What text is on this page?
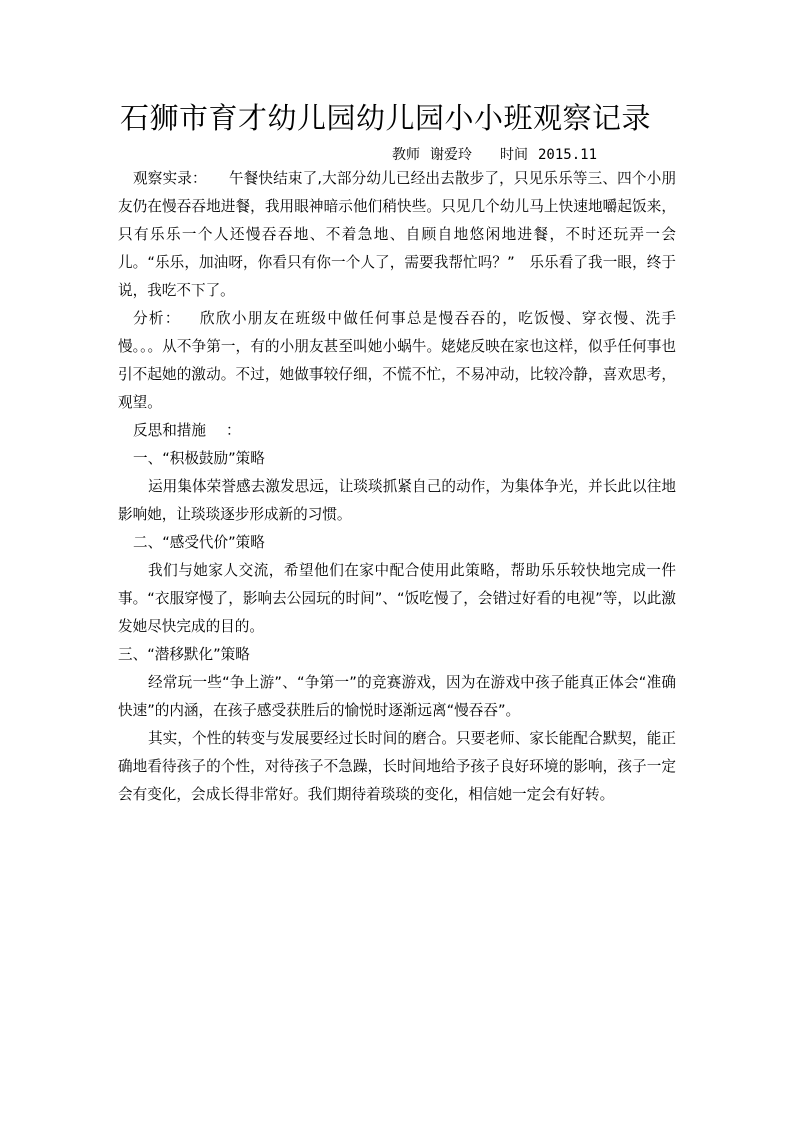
石狮市育才幼儿园幼儿园小小班观察记录
教师 谢爱玲 时间 2015.11

观察实录： 午餐快结束了,大部分幼儿已经出去散步了，只见乐乐等三、四个小朋友仍在慢吞吞地进餐，我用眼神暗示他们稍快些。只见几个幼儿马上快速地嚼起饭来，只有乐乐一个人还慢吞吞地、不着急地、自顾自地悠闲地进餐，不时还玩弄一会儿。“乐乐，加油呀，你看只有你一个人了，需要我帮忙吗？”　乐乐看了我一眼，终于说，我吃不下了。

分析： 欣欣小朋友在班级中做任何事总是慢吞吞的，吃饭慢、穿衣慢、洗手慢。。。从不争第一，有的小朋友甚至叫她小蜗牛。姥姥反映在家也这样，似乎任何事也引不起她的激动。不过，她做事较仔细，不慌不忙，不易冲动，比较冷静，喜欢思考，观望。

反思和措施 ：

一、“积极鼓励”策略

运用集体荣誉感去激发思远，让琰琰抓紧自己的动作，为集体争光，并长此以往地影响她，让琰琰逐步形成新的习惯。

二、“感受代价”策略

我们与她家人交流，希望他们在家中配合使用此策略，帮助乐乐较快地完成一件事。“衣服穿慢了，影响去公园玩的时间”、“饭吃慢了，会错过好看的电视”等，以此激发她尽快完成的目的。

三、“潜移默化”策略

经常玩一些“争上游”、“争第一”的竞赛游戏，因为在游戏中孩子能真正体会“准确快速”的内涵，在孩子感受获胜后的愉悦时逐渐远离“慢吞吞”。

其实，个性的转变与发展要经过长时间的磨合。只要老师、家长能配合默契，能正确地看待孩子的个性，对待孩子不急躁，长时间地给予孩子良好环境的影响，孩子一定会有变化，会成长得非常好。我们期待着琰琰的变化，相信她一定会有好转。
